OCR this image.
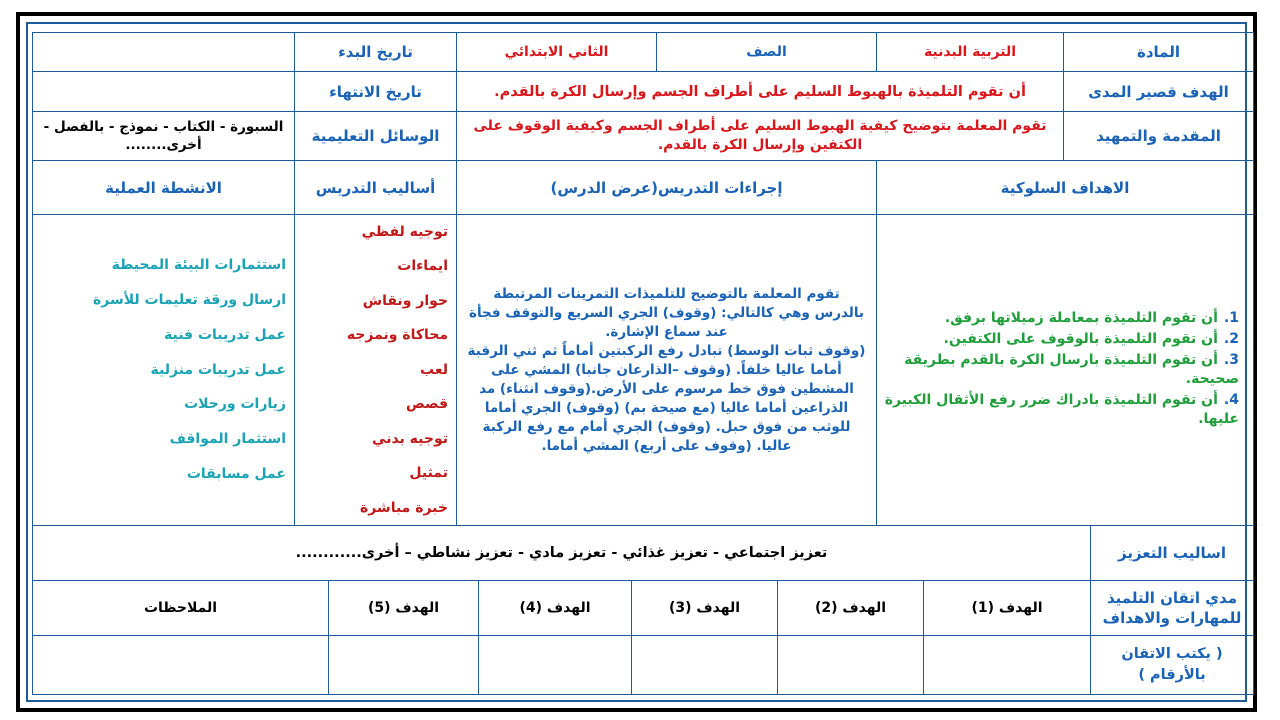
المادة
التربية البدنية
الصف
الثاني الابتدائي
تاريخ البدء
الهدف قصير المدى
أن تقوم التلميذة بالهبوط السليم على أطراف الجسم وإرسال الكرة بالقدم.
تاريخ الانتهاء
المقدمة والتمهيد
تقوم المعلمة بتوضيح كيفية الهبوط السليم على أطراف الجسم وكيفية الوقوف على الكتفين وإرسال الكرة بالقدم.
الوسائل التعليمية
السبورة - الكتاب - نموذج - بالفصل - أخرى........
الاهداف السلوكية
إجراءات التدريس(عرض الدرس)
أساليب التدريس
الانشطة العملية
1.أن تقوم التلميذة بمعاملة زميلاتها برفق.
2.أن تقوم التلميذة بالوقوف على الكتفين.
3.أن تقوم التلميذة بارسال الكرة بالقدم بطريقة صحيحة.
4.أن تقوم التلميذة بادراك ضرر رفع الأثقال الكبيرة عليها.
تقوم المعلمة بالتوضيح للتلميذات التمرينات المرتبطة بالدرس وهي كالتالي: (وقوف) الجري السريع والتوقف فجأة عند سماع الإشارة.
(وقوف ثبات الوسط) تبادل رفع الركبتين أماماً ثم ثني الرقبة أماما عاليا خلفاً. (وقوف –الذارعان جانبا) المشي على المشطين فوق خط مرسوم على الأرض.(وقوف انثناء) مد الذراعين أماما عاليا (مع صيحة بم) (وقوف) الجري أماما للوثب من فوق حبل. (وقوف) الجري أمام مع رفع الركبة عاليا. (وقوف على أربع) المشي أماما.
توجيه لفظي
ايماءات
حوار ونقاش
محاكاة ونمزجه
لعب
قصص
توجيه بدني
تمثيل
خبرة مباشرة
استثمارات البيئة المحيطة
ارسال ورقة تعليمات للأسرة
عمل تدريبات فنية
عمل تدريبات منزلية
زيارات ورحلات
استثمار المواقف
عمل مسابقات
اساليب التعزيز
تعزيز اجتماعي - تعزيز غذائي - تعزيز مادي - تعزيز نشاطي – أخرى............
مدي اتقان التلميذ للمهارات والاهداف
الهدف (1)
الهدف (2)
الهدف (3)
الهدف (4)
الهدف (5)
الملاحظات
( يكتب الاتقان بالأرقام )
